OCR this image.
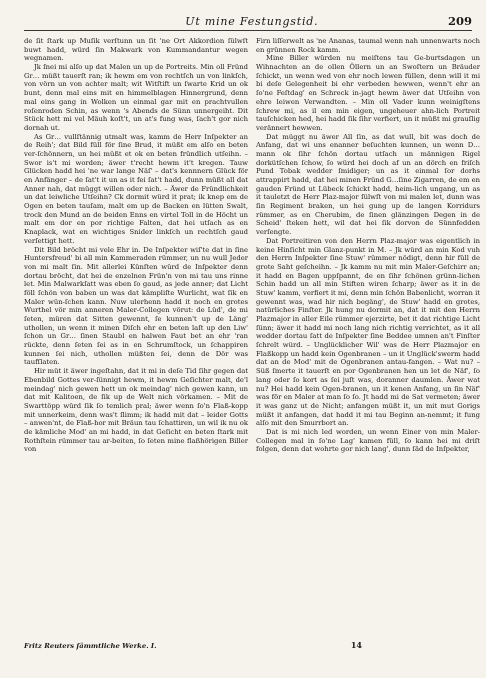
Ut mine Festungstid.	209

de ſit ſtark up Muſik verſtunn un ſit 'ne Ort Akkordion ſülwſt buwt hadd, würd ſin Makwark von Kummandantur wegen wegnamen.

Jk ſnei mi alſo up dat Malen un up de Portreits. Min oll Fründ Gr… müßt tauerſt ran; ik hewm em von rechtſch un von linkſch, von vörn un von achter malt; wit Witſtift un ſwarte Krid un ok bunt, denn mal eins mit en himmelblagen Hinnergrund, denn mal eins gang in Wolken un einmal gar mit en prachtvullen roſenroden Schin, as wenn 's Abends de Sünn unnergeiht. Dit Stück hett mi vel Mäuh koſt't, un at's fung was, ſach't gor nich dornah ut.

As Gr… vullſtännig utmalt was, kamm de Herr Inſpekter an de Reih'; dat Bild füll för ſine Brud, it müßt em alſo en beten ver-ſchönnern, un hei müßt et ok en beten fründlich utſeihn. – Swor is't mi worden; äwer t'recht hewm it't kregen. Tauw Glücken hadd hei 'ne war lange Näſ' – dat's kennnern Glück för en Anfänger – de ſat't it un as it fei ſat't hadd, dunn müßt all dat Anner nah, dat müggt willen oder nich. – Äwer de Fründlichkeit un dat leiwliche Utſeihn? Ck dormit würd it prat; ik knep em de Ogen en beten tauſam, malt em up de Backen en lütten Swalt, trock den Mund an de beiden Enns en virtel Toll in de Höcht un malt em dor en por richtige Falten, dat hei utſach as en Knaplack, wat en wichtiges Snider linkſch un rechtſch gaud verſettigt hett.

Dit Bild bröcht mi vele Ehr in. De Inſpekter wiſ'te dat in ſine Huntersfreud' bi all min Kammeraden rümmer, un nu wull Jeder von mi malt ſin. Mit allerlei Künſten würd de Inſpekter denn dortau bröcht, dat hei de enzelnen Frün'n von mi tau uns rinne let. Min Malwarkſatt was eben ſo gaud, as jede anner; dat Licht föll ſchön von baben un was dat kämpliſte Wurlicht, wat ſik en Maler wün-ſchen kann. Nuw ulerhenn hadd it noch en grotes Wurthel vör min anneren Maler-Collegen vörut: de Lüd', de mi ſeten, müren dat Sitten gewennt, ſe kunnen't up de Läng' uthollen, un wenn it minen Diſch ehr en beten laſt up den Liw' ſchon un Gr… ſinen Staubl en halwen Faut bet an ehr 'ran rückte, denn ſeten ſei as in en Schrumſtock, un ſchappiren kunnen ſei nich, uthollen müßten ſei, denn de Dör was taufſlaten.

Hir müt it äwer ingeſtahn, dat it mi in deſe Tid ſihr gegen dat Ebenbild Gottes ver-ſünnigt hewm, it hewm Geſichter malt, de'l meindag' nich gewen hett un ok meindag' nich gewen kann, un dat mit Kalitoen, de ſik up de Welt nich vörkamen. – Mit de Swarttöpp würd ſik ſo temlich pral; äwer wenn ſo'n Flaß-kopp mit unnerkeim, denn was't ſlimm; ik hadd mit dat – leider Gotts – anwen'nt, de Flaß-hor mit Bräun tau ſchattiren, un wil ik nu ok de kämliche Mod' an mi hadd, in dat Geſicht en beten ſtark mit Rothſtein rümmer tau ar-beiten, ſo ſeten mine flaßhörigen Biller von

Firn liſſerwelt as 'ne Ananas, taumal wenn nah unnenwarts noch en grünnen Rock kamm.

Mine Biller würden nu meiſtens tau Ge-burtsdagen un Wihnachten an de ollen Öllern un an Swoſtern un Bräuder ſchickt, un wenn wed von ehr noch lewen füllen, denn will it mi bi deſe Gelegenheit bi ehr verbeden hewwen, wenn't ehr an ſo'ne Feſtdag' en Schreck in-jagt hewm äwer dat Utſeihn von ehre leiwen Verwandten. – Min oll Vader kunn weinigſtens ſchrew mi, as il em min eigen, ungeheuer ahn-lich Portreit tauſchicken hed, hei hadd ſik ſihr verfiert, un it müßt mi grauſlig verännert hewwen.

Dat müggt nu äwer All ſin, as dat wull, bit was doch de Anfang, dat wi uns enanner beſuchten kunnen, un wenn D… mann ok ſihr ſchön dortau utſach un männigen Rigel dorkütſchen ſchow, ſo würd hei doch af un an dörch en friſch Pund Tobak wedder ſmidiger; un as it einmal ſor dorhs attrappirt hadd, dat hei minen Fründ G…ſine Zigarren, de em en gauden Fründ ut Lübeck ſchickt hadd, heim-lich ungang, un as it tauletzt de Herr Plaz-major ſülwſt von mi malen let, dunn was ſin Regiment braken, un hei gung up de langen Korridurs rümmer, as en Cherubim, de ſinen glänzingen Degen in de Scheid' ſteken hett, wil dat hei ſik dorvon de Sünnfedden verſengte.

Dat Portreitiren von den Herrn Plaz-major was eigentlich in keine Hinſicht min Glanz-punkt in M. – Jk würd an min Kod vuh den Herrn Inſpekter ſine Stuw' rümmer nödigt, denn hir füll de grote Saht geſcheihn. – Jk kamm nu mit min Maler-Geſchirr an; it hadd en Bagen uppſpannt, de en ſihr ſchönen grünn-lichen Schin hadd un all min Stiften wiren ſcharp; äwer as it in de Stuw' kamm, verfiert it mi, denn min ſchön Babenlicht, worran it gewennt was, wad hir nich begäng', de Stuw' hadd en grotes, natürliches Finſter. Jk hung nu dormit an, dat it mit den Herrn Plazmajor in aller Eile rümmer ejerzirte, bet it dat richtige Licht ſünn; äwer it hadd mi noch lang nich richtig verrichtet, as it all wedder dortau ſatt de Inſpekter ſine Beddee umnen an't Finſter ſchrelt würd. – Unglücklicher Wil' was de Herr Plazmajor en Flaßkopp un hadd kein Ogenbranen – un it Unglück'swerm hadd dat an de Mod' mit de Ogenbranen antau-fangen. – Wat nu? – Süß ſmerte it tauerſt en por Ogenbranen hen un let de Näf', ſo lang oder ſo kort as ſei juſt was, doranner daumlen. Äwer wat nu? Hei hadd kein Ogen-branen, un it kenen Anfang, un ſin Näf' was för en Maler at man ſo ſo. Jt hadd mi de Sat vermeten; äwer it was ganz ut de Nicht; anfangen müßt it, un mit mut Gorigs müßt it anfangen, dat hadd it mi tau Beginn an-nemmt; it fung alſo mit den Smurrbort an.

Dat is mi nich led worden, un wenn Einer von min Maler-Collegen mal in ſo'ne Lag' kamen füll, ſo kann hei mi driſt folgen, denn dat wohrte gor nich lang', dunn ſäd de Inſpekter,

Fritz Reuters ſämmtliche Werke. I.	14
